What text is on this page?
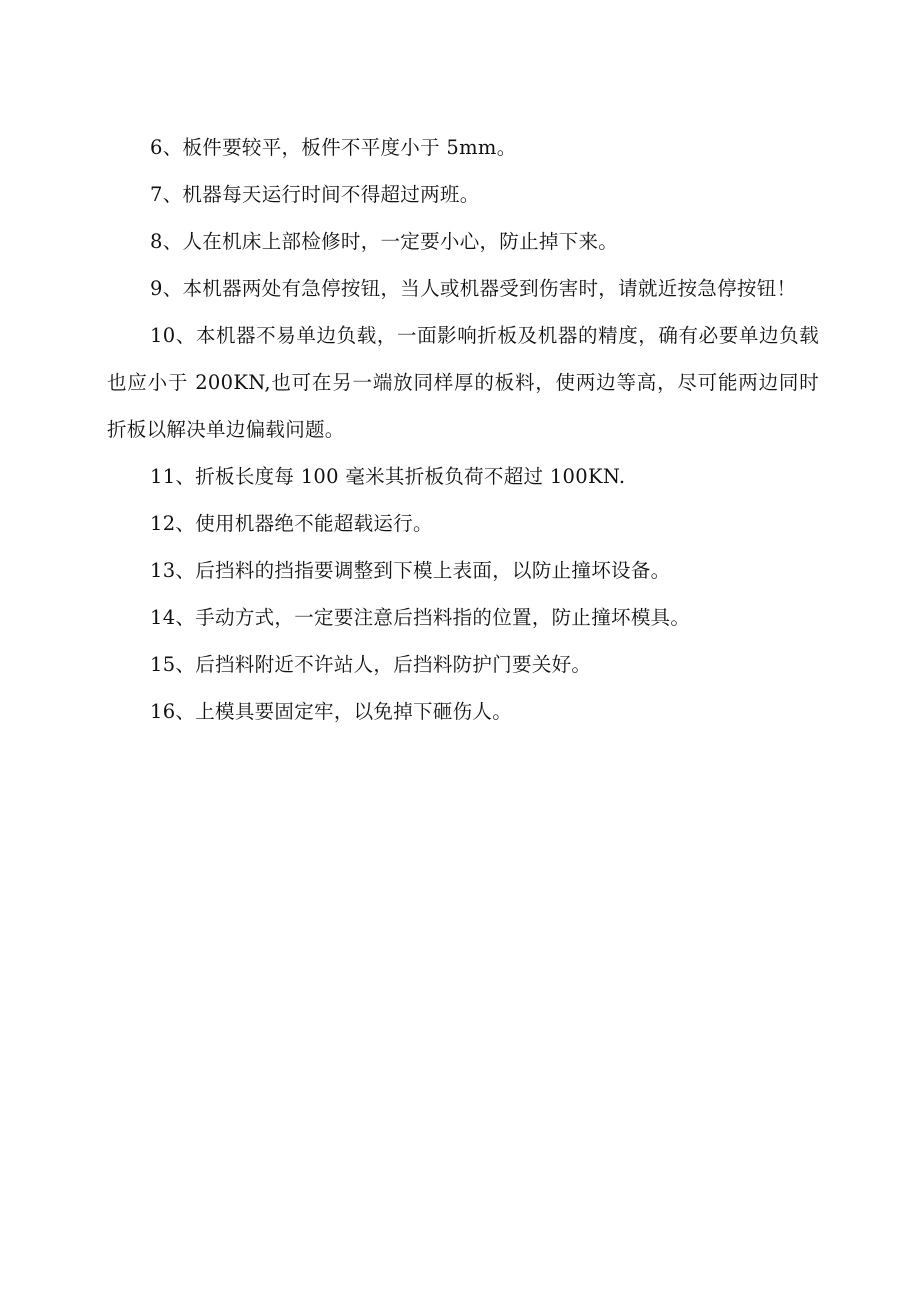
6、板件要较平，板件不平度小于 5mm。

7、机器每天运行时间不得超过两班。

8、人在机床上部检修时，一定要小心，防止掉下来。

9、本机器两处有急停按钮，当人或机器受到伤害时，请就近按急停按钮！

10、本机器不易单边负载，一面影响折板及机器的精度，确有必要单边负载也应小于 200KN,也可在另一端放同样厚的板料，使两边等高，尽可能两边同时折板以解决单边偏载问题。

11、折板长度每 100 毫米其折板负荷不超过 100KN.

12、使用机器绝不能超载运行。

13、后挡料的挡指要调整到下模上表面，以防止撞坏设备。

14、手动方式，一定要注意后挡料指的位置，防止撞坏模具。

15、后挡料附近不许站人，后挡料防护门要关好。

16、上模具要固定牢，以免掉下砸伤人。
